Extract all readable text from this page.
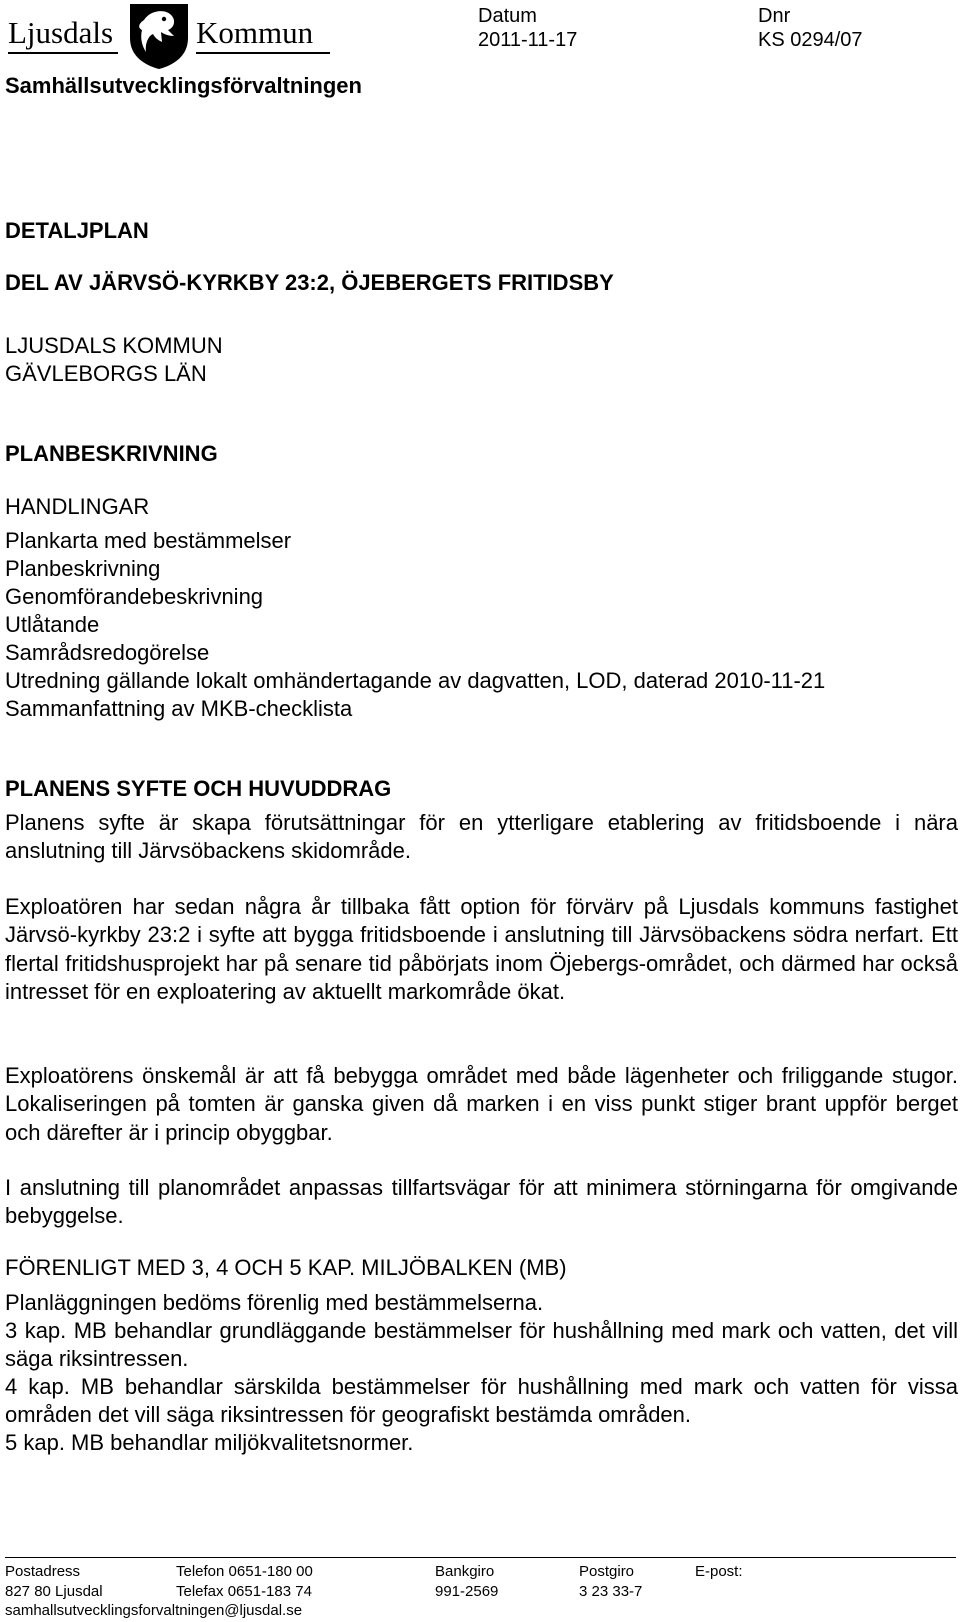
Ljusdals	Kommun	Datum
2011-11-17
Dnr
KS 0294/07
Samhällsutvecklingsförvaltningen
DETALJPLAN
DEL AV JÄRVSÖ-KYRKBY 23:2, ÖJEBERGETS FRITIDSBY
LJUSDALS KOMMUN
GÄVLEBORGS LÄN
PLANBESKRIVNING
HANDLINGAR
Plankarta med bestämmelser
Planbeskrivning
Genomförandebeskrivning
Utlåtande
Samrådsredogörelse
Utredning gällande lokalt omhändertagande av dagvatten, LOD, daterad 2010-11-21
Sammanfattning av MKB-checklista
PLANENS SYFTE OCH HUVUDDRAG
Planens syfte är skapa förutsättningar för en ytterligare etablering av fritidsboende i nära anslutning till Järvsöbackens skidområde.
Exploatören har sedan några år tillbaka fått option för förvärv på Ljusdals kommuns fastighet Järvsö-kyrkby 23:2 i syfte att bygga fritidsboende i anslutning till Järvsöbackens södra nerfart. Ett flertal fritidshusprojekt har på senare tid påbörjats inom Öjebergs-området, och därmed har också intresset för en exploatering av aktuellt markområde ökat.
Exploatörens önskemål är att få bebygga området med både lägenheter och friliggande stugor. Lokaliseringen på tomten är ganska given då marken i en viss punkt stiger brant uppför berget och därefter är i princip obyggbar.
I anslutning till planområdet anpassas tillfartsvägar för att minimera störningarna för omgivande bebyggelse.
FÖRENLIGT MED 3, 4 OCH 5 KAP. MILJÖBALKEN (MB)
Planläggningen bedöms förenlig med bestämmelserna.
3 kap. MB behandlar grundläggande bestämmelser för hushållning med mark och vatten, det vill säga riksintressen.
4 kap. MB behandlar särskilda bestämmelser för hushållning med mark och vatten för vissa områden det vill säga riksintressen för geografiskt bestämda områden.
5 kap. MB behandlar miljökvalitetsnormer.
Postadress
827 80 Ljusdal
samhallsutvecklingsforvaltningen@ljusdal.se
Telefon 0651-180 00
Telefax 0651-183 74
Bankgiro
991-2569
Postgiro
3 23 33-7
E-post:
